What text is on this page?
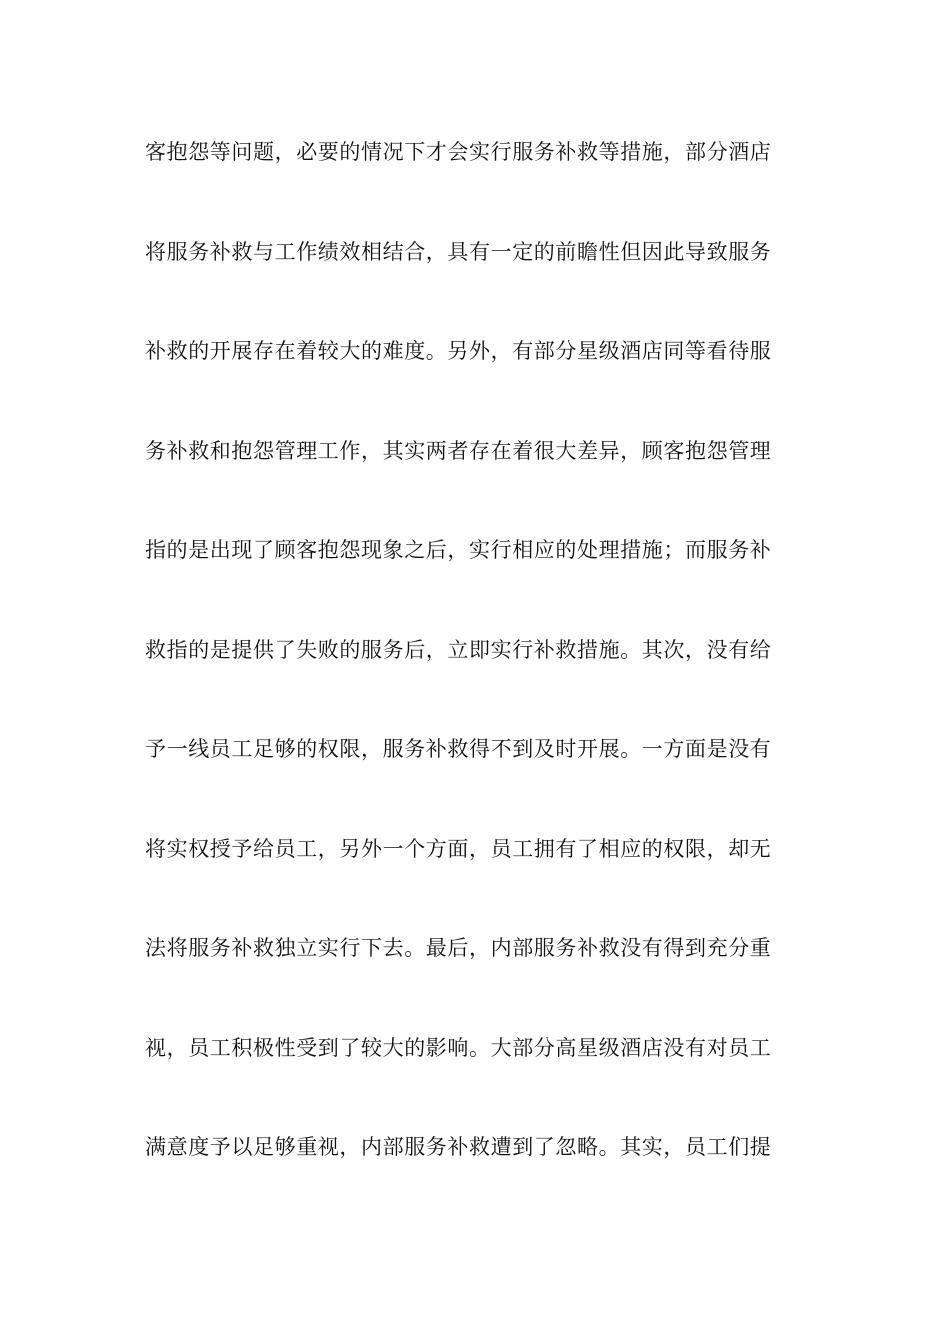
客抱怨等问题，必要的情况下才会实行服务补救等措施，部分酒店
将服务补救与工作绩效相结合，具有一定的前瞻性但因此导致服务
补救的开展存在着较大的难度。另外，有部分星级酒店同等看待服
务补救和抱怨管理工作，其实两者存在着很大差异，顾客抱怨管理
指的是出现了顾客抱怨现象之后，实行相应的处理措施；而服务补
救指的是提供了失败的服务后，立即实行补救措施。其次，没有给
予一线员工足够的权限，服务补救得不到及时开展。一方面是没有
将实权授予给员工，另外一个方面，员工拥有了相应的权限，却无
法将服务补救独立实行下去。最后，内部服务补救没有得到充分重
视，员工积极性受到了较大的影响。大部分高星级酒店没有对员工
满意度予以足够重视，内部服务补救遭到了忽略。其实，员工们提
